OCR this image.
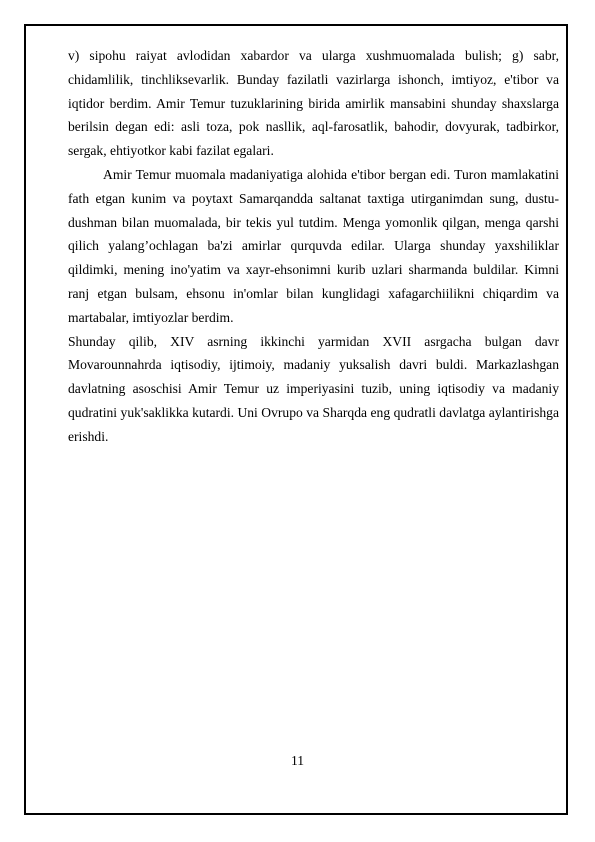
v) sipohu raiyat avlodidan xabardor va ularga xushmuomalada bulish; g) sabr, chidamlilik, tinchliksevarlik. Bunday fazilatli vazirlarga ishonch, imtiyoz, e'tibor va iqtidor berdim. Amir Temur tuzuklarining birida amirlik mansabini shunday shaxslarga berilsin degan edi: asli toza, pok nasllik, aql-farosatlik, bahodir, dovyurak, tadbirkor, sergak, ehtiyotkor kabi fazilat egalari.

Amir Temur muomala madaniyatiga alohida e'tibor bergan edi. Turon mamlakatini fath etgan kunim va poytaxt Samarqandda saltanat taxtiga utirganimdan sung, dustu-dushman bilan muomalada, bir tekis yul tutdim. Menga yomonlik qilgan, menga qarshi qilich yalang’ochlagan ba'zi amirlar qurquvda edilar. Ularga shunday yaxshiliklar qildimki, mening ino'yatim va xayr-ehsonimni kurib uzlari sharmanda buldilar. Kimni ranj etgan bulsam, ehsonu in'omlar bilan kunglidagi xafagarchiilikni chiqardim va martabalar, imtiyozlar berdim.

Shunday qilib, XIV asrning ikkinchi yarmidan XVII asrgacha bulgan davr Movarounnahrda iqtisodiy, ijtimoiy, madaniy yuksalish davri buldi. Markazlashgan davlatning asoschisi Amir Temur uz imperiyasini tuzib, uning iqtisodiy va madaniy qudratini yuk'saklikka kutardi. Uni Ovrupo va Sharqda eng qudratli davlatga aylantirishga erishdi.

11
